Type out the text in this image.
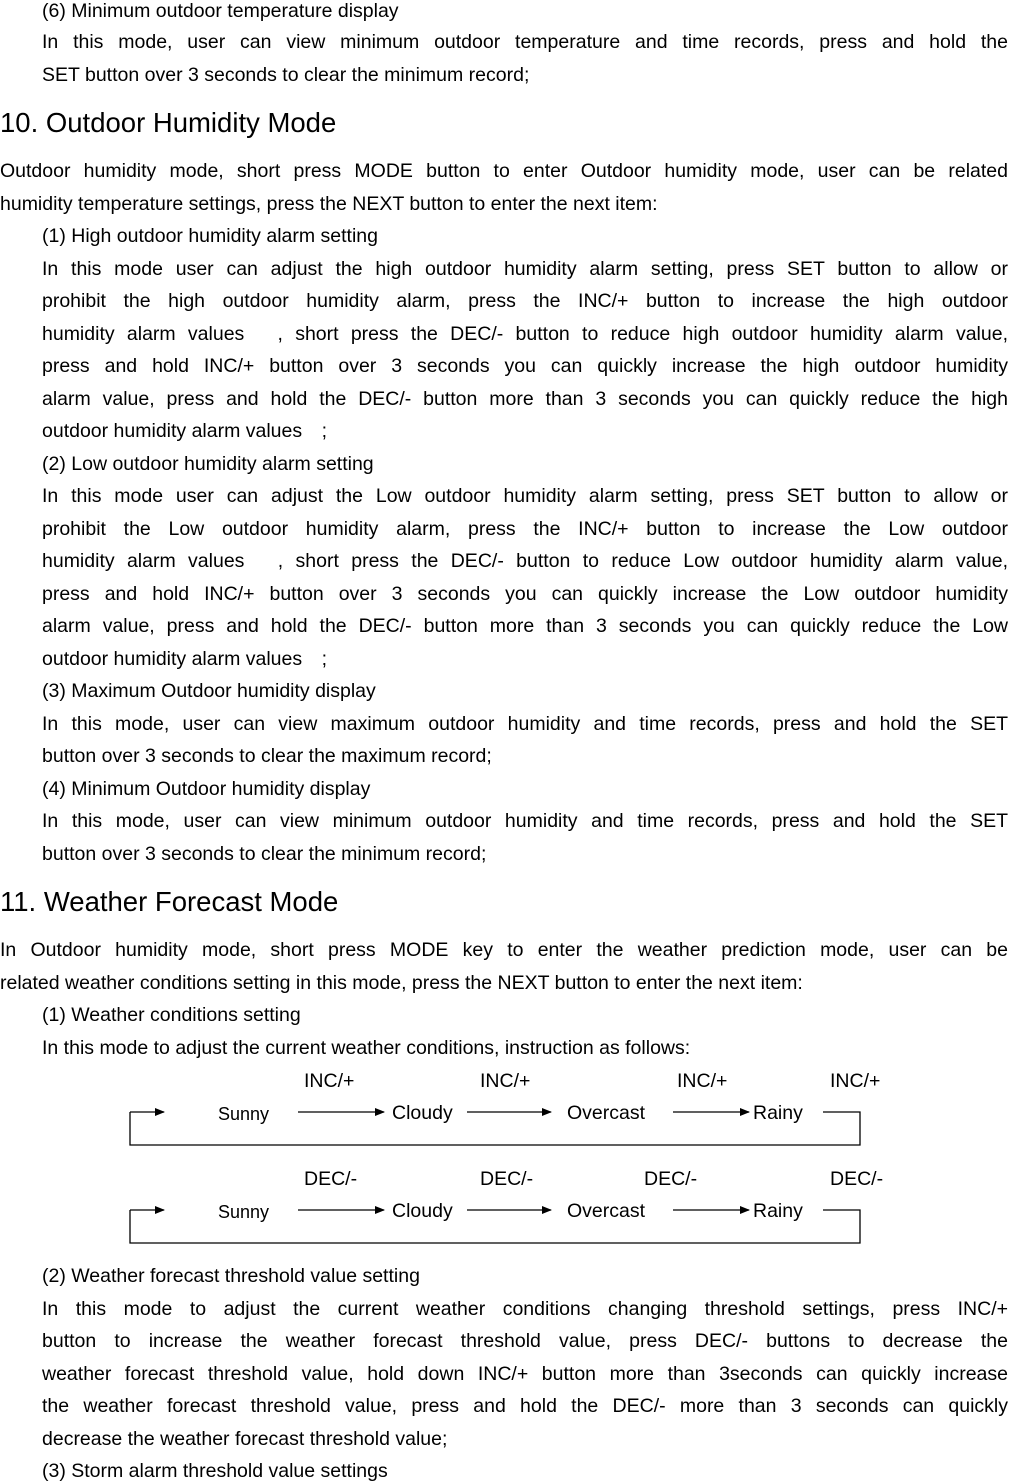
(6) Minimum outdoor temperature display
In this mode, user can view minimum outdoor temperature and time records, press and hold the
SET button over 3 seconds to clear the minimum record;
10. Outdoor Humidity Mode
Outdoor humidity mode, short press MODE button to enter Outdoor humidity mode, user can be related
humidity temperature settings, press the NEXT button to enter the next item:
(1) High outdoor humidity alarm setting
In this mode user can adjust the high outdoor humidity alarm setting, press SET button to allow or
prohibit the high outdoor humidity alarm, press the INC/+ button to increase the high outdoor
humidity alarm values　, short press the DEC/- button to reduce high outdoor humidity alarm value,
press and hold INC/+ button over 3 seconds you can quickly increase the high outdoor humidity
alarm value, press and hold the DEC/- button more than 3 seconds you can quickly reduce the high
outdoor humidity alarm values　;
(2) Low outdoor humidity alarm setting
In this mode user can adjust the Low outdoor humidity alarm setting, press SET button to allow or
prohibit the Low outdoor humidity alarm, press the INC/+ button to increase the Low outdoor
humidity alarm values　, short press the DEC/- button to reduce Low outdoor humidity alarm value,
press and hold INC/+ button over 3 seconds you can quickly increase the Low outdoor humidity
alarm value, press and hold the DEC/- button more than 3 seconds you can quickly reduce the Low
outdoor humidity alarm values　;
(3) Maximum Outdoor humidity display
In this mode, user can view maximum outdoor humidity and time records, press and hold the SET
button over 3 seconds to clear the maximum record;
(4) Minimum Outdoor humidity display
In this mode, user can view minimum outdoor humidity and time records, press and hold the SET
button over 3 seconds to clear the minimum record;
11. Weather Forecast Mode
In Outdoor humidity mode, short press MODE key to enter the weather prediction mode, user can be
related weather conditions setting in this mode, press the NEXT button to enter the next item:
(1) Weather conditions setting
In this mode to adjust the current weather conditions, instruction as follows:
INC/+	INC/+	INC/+	INC/+
Sunny	Cloudy	Overcast	Rainy
DEC/-	DEC/-	DEC/-	DEC/-
Sunny	Cloudy	Overcast	Rainy
(2) Weather forecast threshold value setting
In this mode to adjust the current weather conditions changing threshold settings, press INC/+
button to increase the weather forecast threshold value, press DEC/- buttons to decrease the
weather forecast threshold value, hold down INC/+ button more than 3seconds can quickly increase
the weather forecast threshold value, press and hold the DEC/- more than 3 seconds can quickly
decrease the weather forecast threshold value;
(3) Storm alarm threshold value settings
